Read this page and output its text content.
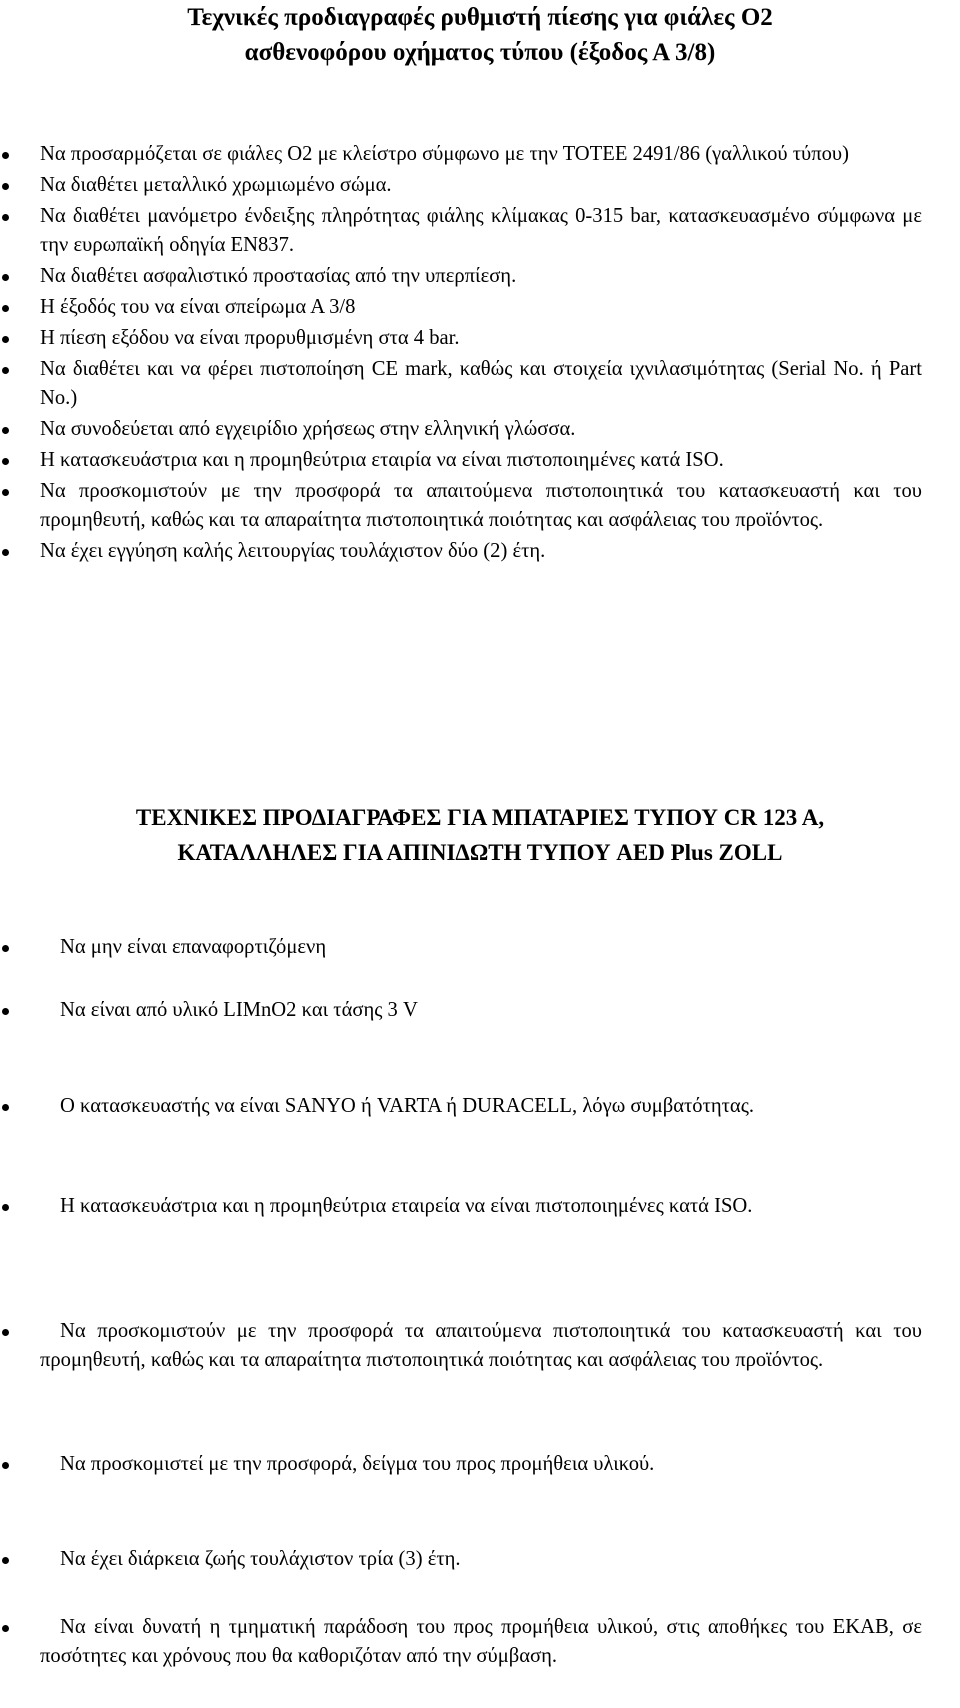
Τεχνικές προδιαγραφές ρυθμιστή πίεσης για φιάλες Ο2
ασθενοφόρου οχήματος τύπου (έξοδος Α 3/8)
Να προσαρμόζεται σε φιάλες Ο2 με κλείστρο σύμφωνο με την ΤΟΤΕΕ 2491/86 (γαλλικού τύπου)
Να διαθέτει μεταλλικό χρωμιωμένο σώμα.
Να διαθέτει μανόμετρο ένδειξης πληρότητας φιάλης κλίμακας 0-315 bar, κατασκευασμένο σύμφωνα με την ευρωπαϊκή οδηγία ΕΝ837.
Να διαθέτει ασφαλιστικό προστασίας από την υπερπίεση.
Η έξοδός του να είναι σπείρωμα Α 3/8
Η πίεση εξόδου να είναι προρυθμισμένη στα 4 bar.
Να διαθέτει και να φέρει πιστοποίηση CE mark, καθώς και στοιχεία ιχνιλασιμότητας (Serial No. ή Part No.)
Να συνοδεύεται από εγχειρίδιο χρήσεως στην ελληνική γλώσσα.
Η κατασκευάστρια και η προμηθεύτρια εταιρία να είναι πιστοποιημένες κατά ISO.
Να προσκομιστούν με την προσφορά τα απαιτούμενα πιστοποιητικά του κατασκευαστή και του προμηθευτή, καθώς και τα απαραίτητα πιστοποιητικά ποιότητας και ασφάλειας του προϊόντος.
Να έχει εγγύηση καλής λειτουργίας τουλάχιστον δύο (2) έτη.
ΤΕΧΝΙΚΕΣ ΠΡΟΔΙΑΓΡΑΦΕΣ ΓΙΑ ΜΠΑΤΑΡΙΕΣ ΤΥΠΟΥ CR 123 A,
ΚΑΤΑΛΛΗΛΕΣ ΓΙΑ ΑΠΙΝΙΔΩΤΗ ΤΥΠΟΥ AED Plus ZOLL
Να μην είναι επαναφορτιζόμενη
Να είναι από υλικό LIMnO2 και τάσης 3 V
Ο κατασκευαστής να είναι SANYO ή VARTA ή DURACELL, λόγω συμβατότητας.
Η κατασκευάστρια και η προμηθεύτρια εταιρεία να είναι πιστοποιημένες κατά ISO.
Να προσκομιστούν με την προσφορά τα απαιτούμενα πιστοποιητικά του κατασκευαστή και του προμηθευτή, καθώς και τα απαραίτητα πιστοποιητικά ποιότητας και ασφάλειας του προϊόντος.
Να προσκομιστεί με την προσφορά, δείγμα του προς προμήθεια υλικού.
Να έχει διάρκεια ζωής τουλάχιστον τρία (3) έτη.
Να είναι δυνατή η τμηματική παράδοση του προς προμήθεια υλικού, στις αποθήκες του ΕΚΑΒ, σε ποσότητες και χρόνους που θα καθοριζόταν από την σύμβαση.
